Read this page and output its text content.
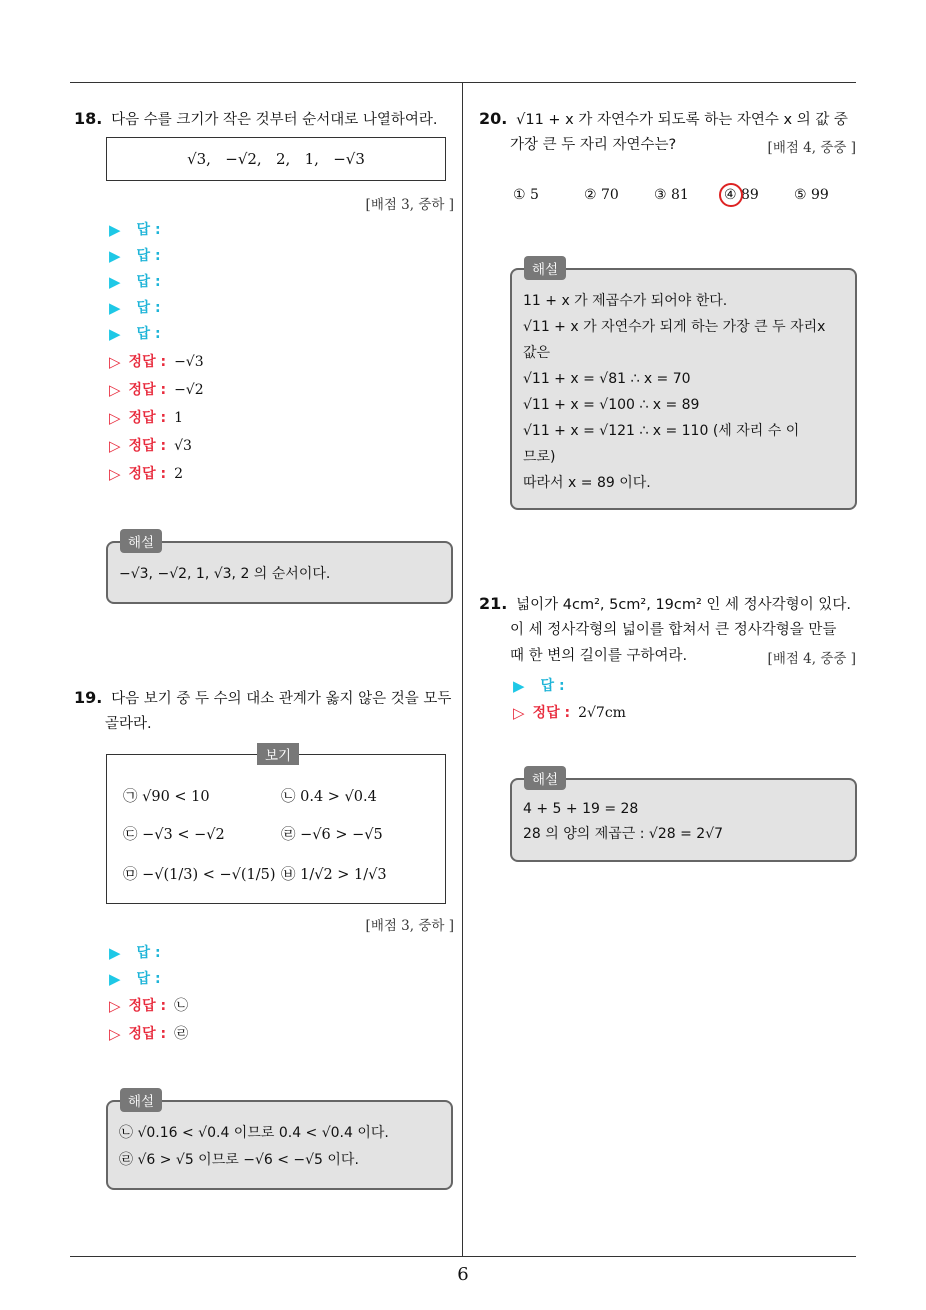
18. 다음 수를 크기가 작은 것부터 순서대로 나열하여라.
√3,   −√2,   2,   1,   −√3
[배점 3, 중하 ]
▶ 답 :
▶ 답 :
▶ 답 :
▶ 답 :
▶ 답 :
▷ 정답 : −√3
▷ 정답 : −√2
▷ 정답 : 1
▷ 정답 : √3
▷ 정답 : 2
해설
−√3, −√2, 1, √3, 2 의 순서이다.
19. 다음 보기 중 두 수의 대소 관계가 옳지 않은 것을 모두
골라라.
보기
㉠ √90 < 10	㉡ 0.4 > √0.4
㉢ −√3 < −√2	㉣ −√6 > −√5
㉤ −√(1/3) < −√(1/5) ㉥ 1/√2 > 1/√3
[배점 3, 중하 ]
▶ 답 :
▶ 답 :
▷ 정답 : ㉡
▷ 정답 : ㉣
해설
㉡ √0.16 < √0.4 이므로 0.4 < √0.4 이다.
㉣ √6 > √5 이므로 −√6 < −√5 이다.
20. √11 + x 가 자연수가 되도록 하는 자연수 x 의 값 중
가장 큰 두 자리 자연수는?	[배점 4, 중중 ]
① 5	② 70	③ 81	④ 89	⑤ 99
해설
11 + x 가 제곱수가 되어야 한다.
√11 + x 가 자연수가 되게 하는 가장 큰 두 자리x
값은
√11 + x = √81 ∴ x = 70
√11 + x = √100 ∴ x = 89
√11 + x = √121 ∴ x = 110 (세 자리 수 이
므로)
따라서 x = 89 이다.
21. 넓이가 4cm², 5cm², 19cm² 인 세 정사각형이 있다.
이 세 정사각형의 넓이를 합쳐서 큰 정사각형을 만들
때 한 변의 길이를 구하여라.	[배점 4, 중중 ]
▶ 답 :
▷ 정답 : 2√7cm
해설
4 + 5 + 19 = 28
28 의 양의 제곱근 : √28 = 2√7
6
